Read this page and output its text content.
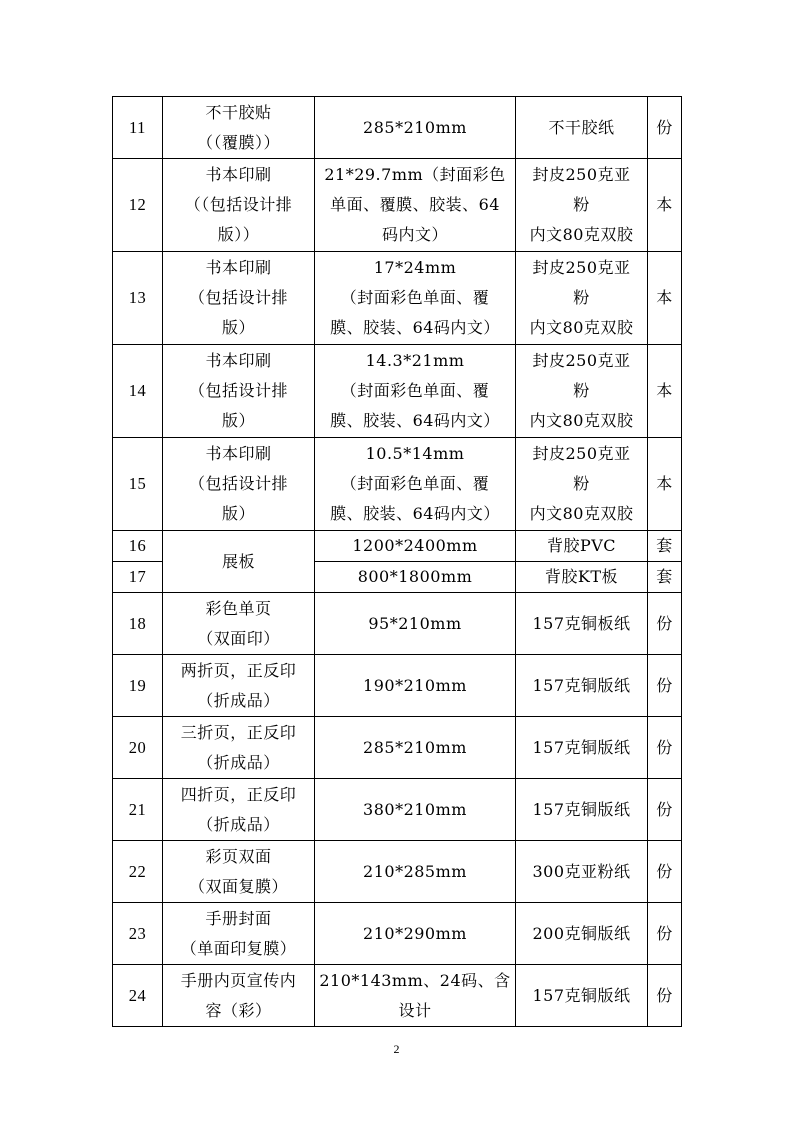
11	不干胶贴
（（覆膜））	285*210mm	不干胶纸	份
12	书本印刷
（（包括设计排
版））	21*29.7mm（封面彩色
单面、覆膜、胶装、64
码内文）	封皮250克亚
粉
内文80克双胶	本
13	书本印刷
（包括设计排
版）	17*24mm
（封面彩色单面、覆
膜、胶装、64码内文）	封皮250克亚
粉
内文80克双胶	本
14	书本印刷
（包括设计排
版）	14.3*21mm
（封面彩色单面、覆
膜、胶装、64码内文）	封皮250克亚
粉
内文80克双胶	本
15	书本印刷
（包括设计排
版）	10.5*14mm
（封面彩色单面、覆
膜、胶装、64码内文）	封皮250克亚
粉
内文80克双胶	本
16	展板	1200*2400mm	背胶PVC	套
17		800*1800mm	背胶KT板	套
18	彩色单页
（双面印）	95*210mm	157克铜板纸	份
19	两折页，正反印
（折成品）	190*210mm	157克铜版纸	份
20	三折页，正反印
（折成品）	285*210mm	157克铜版纸	份
21	四折页，正反印
（折成品）	380*210mm	157克铜版纸	份
22	彩页双面
（双面复膜）	210*285mm	300克亚粉纸	份
23	手册封面
（单面印复膜）	210*290mm	200克铜版纸	份
24	手册内页宣传内
容（彩）	210*143mm、24码、含
设计	157克铜版纸	份
2
